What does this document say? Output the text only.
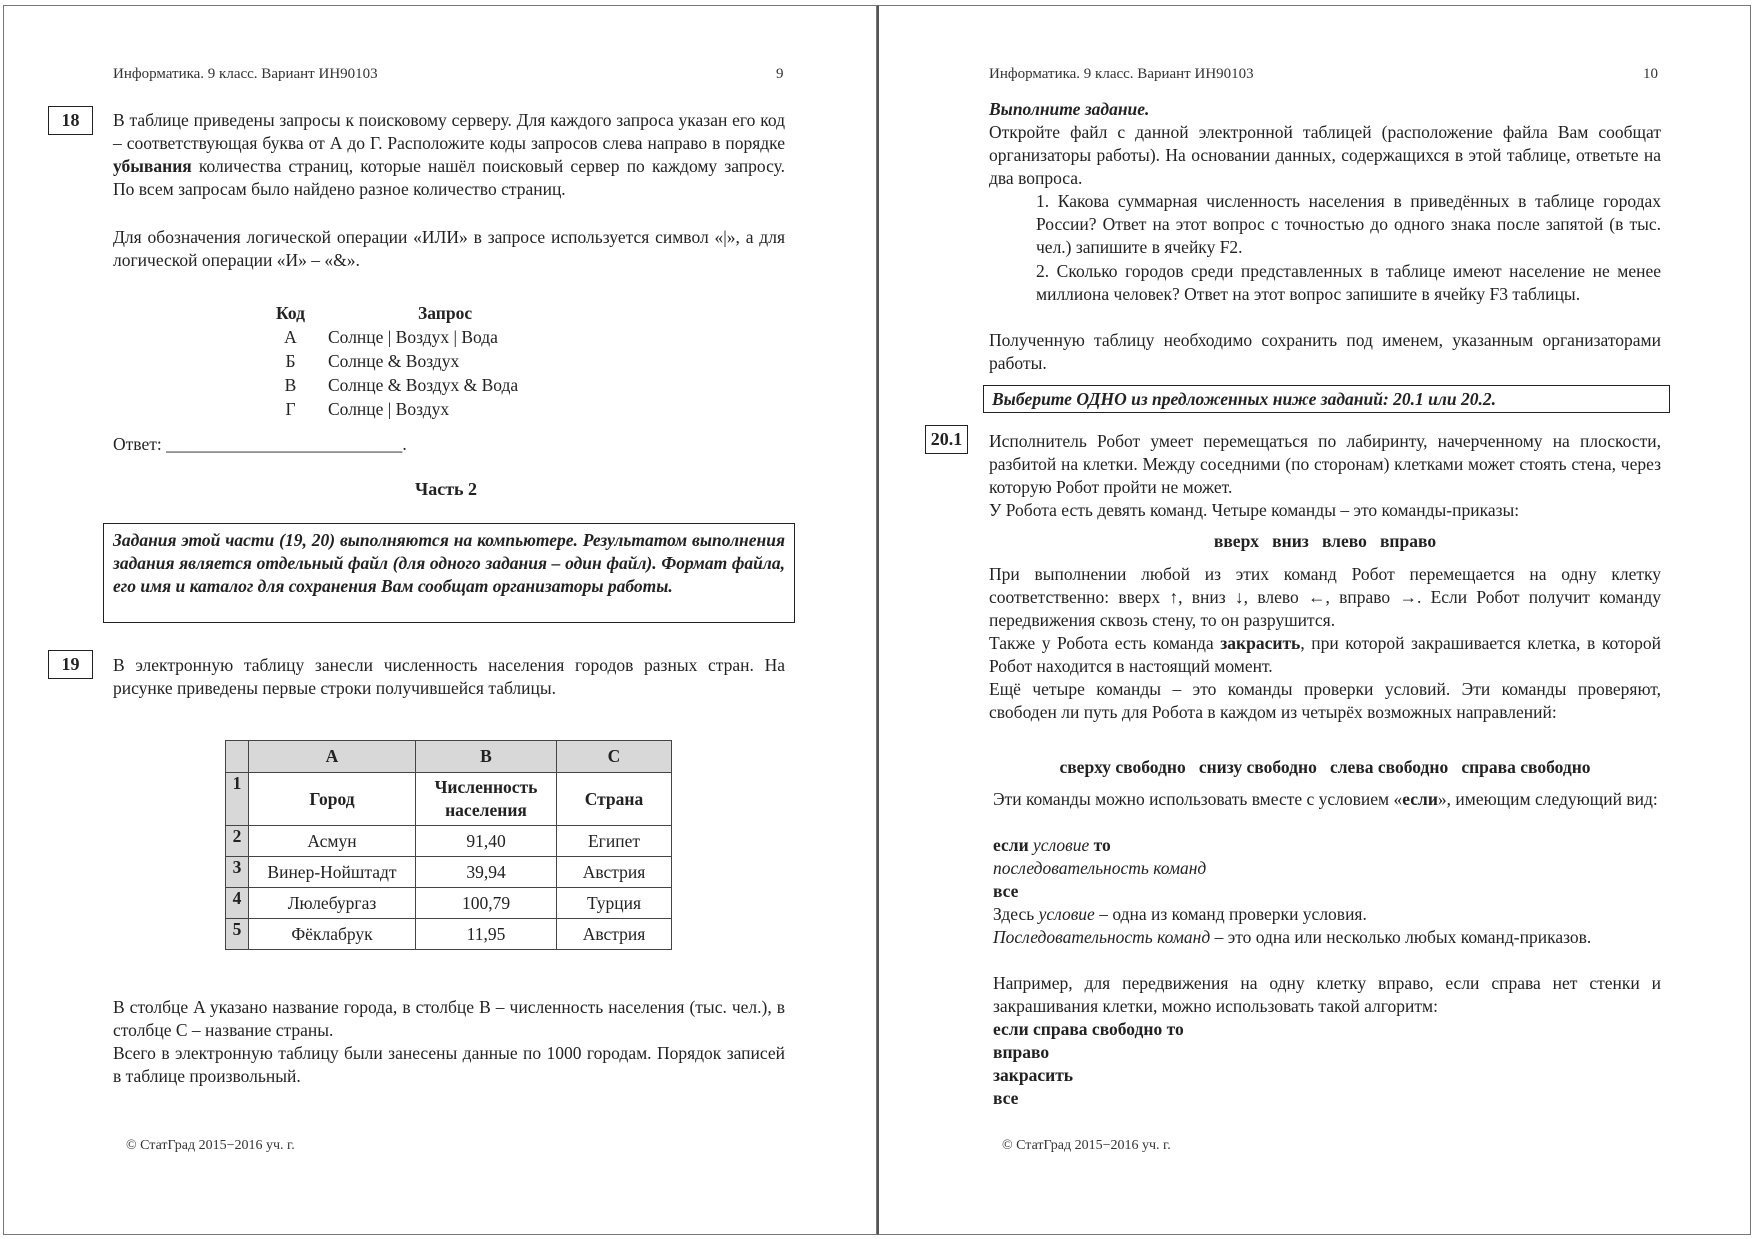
Информатика. 9 класс. Вариант ИН90103	9
18	В таблице приведены запросы к поисковому серверу. Для каждого запроса указан его код – соответствующая буква от А до Г. Расположите коды запросов слева направо в порядке убывания количества страниц, которые нашёл поисковый сервер по каждому запросу. По всем запросам было найдено разное количество страниц.

Для обозначения логической операции «ИЛИ» в запросе используется символ «|», а для логической операции «И» – «&».

Код	Запрос
А	Солнце | Воздух | Вода
Б	Солнце & Воздух
В	Солнце & Воздух & Вода
Г	Солнце | Воздух

Ответ: ___________________________.

Часть 2
Задания этой части (19, 20) выполняются на компьютере. Результатом выполнения задания является отдельный файл (для одного задания – один файл). Формат файла, его имя и каталог для сохранения Вам сообщат организаторы работы.
19	В электронную таблицу занесли численность населения городов разных стран. На рисунке приведены первые строки получившейся таблицы.

	A	B	C
1	Город	Численность населения	Страна
2	Асмун	91,40	Египет
3	Винер-Нойштадт	39,94	Австрия
4	Люлебургаз	100,79	Турция
5	Фёклабрук	11,95	Австрия

В столбце A указано название города, в столбце B – численность населения (тыс. чел.), в столбце C – название страны.

Всего в электронную таблицу были занесены данные по 1000 городам. Порядок записей в таблице произвольный.

© СтатГрад 2015−2016 уч. г.
Информатика. 9 класс. Вариант ИН90103	10
Выполните задание.

Откройте файл с данной электронной таблицей (расположение файла Вам сообщат организаторы работы). На основании данных, содержащихся в этой таблице, ответьте на два вопроса.

1. Какова суммарная численность населения в приведённых в таблице городах России? Ответ на этот вопрос с точностью до одного знака после запятой (в тыс. чел.) запишите в ячейку F2.

2. Сколько городов среди представленных в таблице имеют население не менее миллиона человек? Ответ на этот вопрос запишите в ячейку F3 таблицы.

Полученную таблицу необходимо сохранить под именем, указанным организаторами работы.

Выберите ОДНО из предложенных ниже заданий: 20.1 или 20.2.
20.1	Исполнитель Робот умеет перемещаться по лабиринту, начерченному на плоскости, разбитой на клетки. Между соседними (по сторонам) клетками может стоять стена, через которую Робот пройти не может.

У Робота есть девять команд. Четыре команды – это команды-приказы:

вверх   вниз   влево   вправо

При выполнении любой из этих команд Робот перемещается на одну клетку соответственно: вверх ↑, вниз ↓, влево ←, вправо →. Если Робот получит команду передвижения сквозь стену, то он разрушится.

Также у Робота есть команда закрасить, при которой закрашивается клетка, в которой Робот находится в настоящий момент.

Ещё четыре команды – это команды проверки условий. Эти команды проверяют, свободен ли путь для Робота в каждом из четырёх возможных направлений:

сверху свободно   снизу свободно   слева свободно   справа свободно

Эти команды можно использовать вместе с условием «если», имеющим следующий вид:

если условие то

последовательность команд

все

Здесь условие – одна из команд проверки условия.

Последовательность команд – это одна или несколько любых команд-приказов.

Например, для передвижения на одну клетку вправо, если справа нет стенки и закрашивания клетки, можно использовать такой алгоритм:

если справа свободно то

вправо

закрасить

все

© СтатГрад 2015−2016 уч. г.
